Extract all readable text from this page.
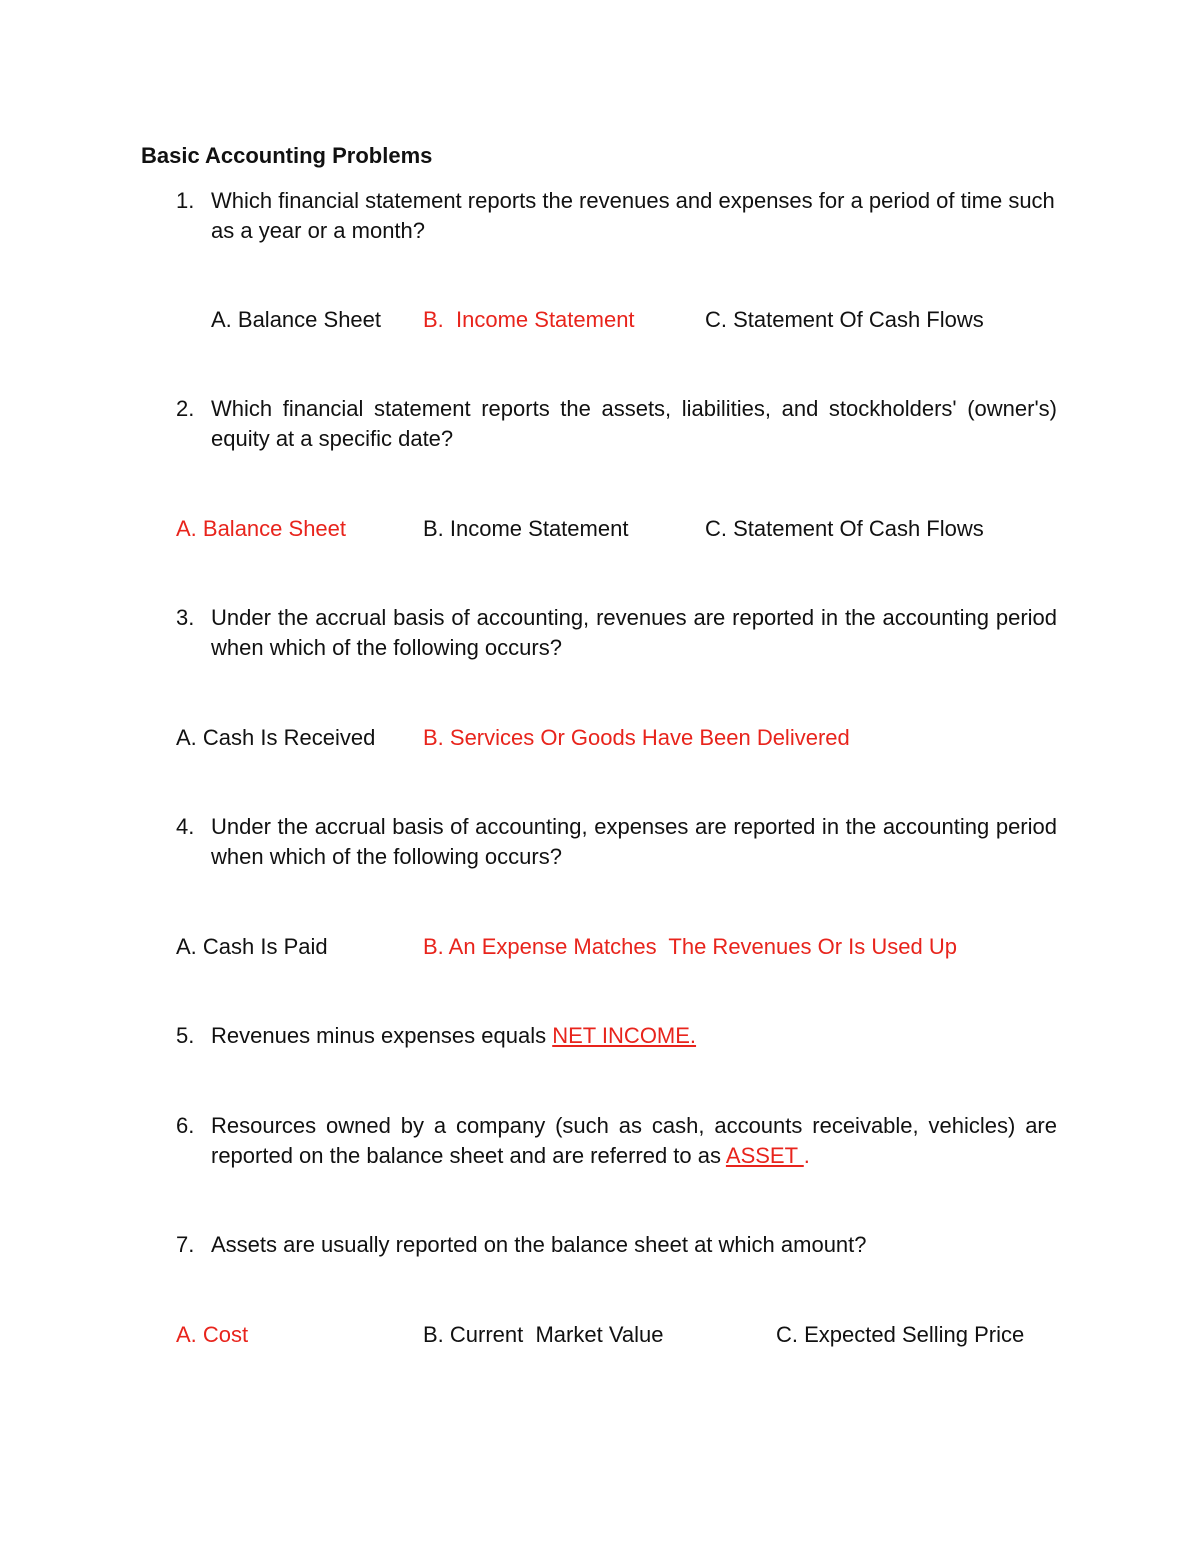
Basic Accounting Problems
1. Which financial statement reports the revenues and expenses for a period of time such as a year or a month?
A. Balance Sheet B.  Income Statement	C. Statement Of Cash Flows
2. Which financial statement reports the assets, liabilities, and stockholders' (owner's) equity at a specific date?
A. Balance Sheet	B. Income Statement	C. Statement Of Cash Flows
3. Under the accrual basis of accounting, revenues are reported in the accounting period when which of the following occurs?
A. Cash Is Received B. Services Or Goods Have Been Delivered
4. Under the accrual basis of accounting, expenses are reported in the accounting period when which of the following occurs?
A. Cash Is Paid	B. An Expense Matches  The Revenues Or Is Used Up
5. Revenues minus expenses equals NET INCOME.
6. Resources owned by a company (such as cash, accounts receivable, vehicles) are reported on the balance sheet and are referred to as ASSET .
7. Assets are usually reported on the balance sheet at which amount?
A. Cost	B. Current  Market Value	C. Expected Selling Price
